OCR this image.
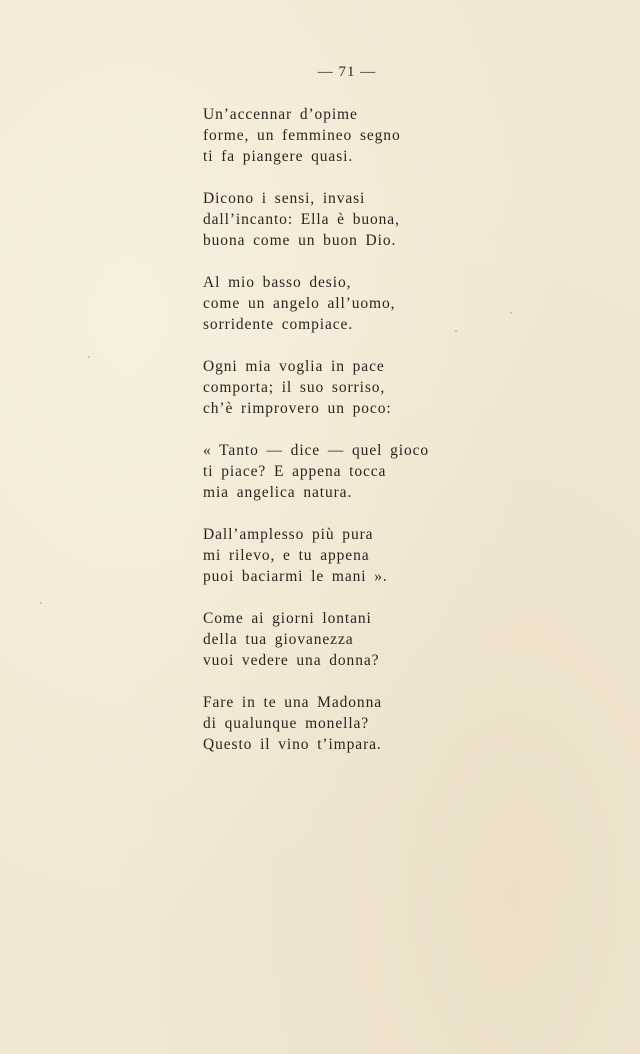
— 71 —
Un’accennar d’opime
forme, un femmineo segno
ti fa piangere quasi.
Dicono i sensi, invasi
dall’incanto: Ella è buona,
buona come un buon Dio.
Al mio basso desio,
come un angelo all’uomo,
sorridente compiace.
Ogni mia voglia in pace
comporta; il suo sorriso,
ch’è rimprovero un poco:
« Tanto — dice — quel gioco
ti piace? E appena tocca
mia angelica natura.
Dall’amplesso più pura
mi rilevo, e tu appena
puoi baciarmi le mani ».
Come ai giorni lontani
della tua giovanezza
vuoi vedere una donna?
Fare in te una Madonna
di qualunque monella?
Questo il vino t’impara.
